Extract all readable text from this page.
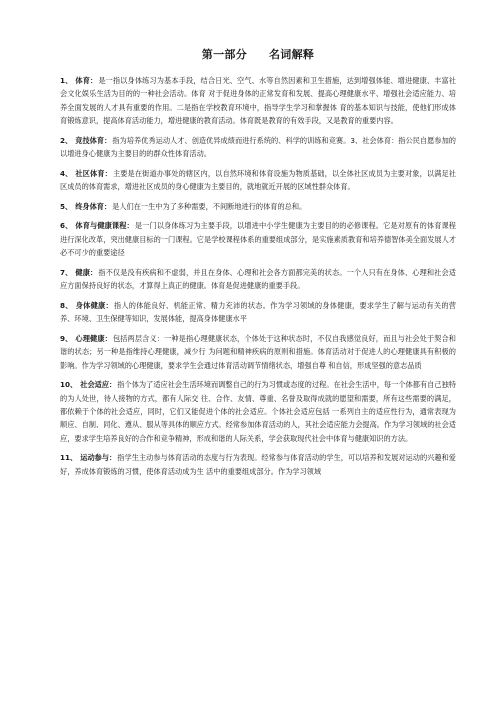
第一部分 名词解释

1、 体育：是一指以身体练习为基本手段，结合日光、空气、水等自然因素和卫生措施，达到增强体能、增进健康、丰富社会文化娱乐生活为目的的一种社会活动。体育 对于促进身体的正常发育和发展、提高心理健康水平、增强社会适应能力、培养全面发展的人才具有重要的作用。二是指在学校教育环境中，指导学生学习和掌握体 育的基本知识与技能，使他们形成体育锻炼意识，提高体育活动能力，增进健康的教育活动。体育既是教育的有效手段，又是教育的重要内容。

2、 竞技体育：指为培养优秀运动人才、创造优异成绩而进行系统的、科学的训练和竞赛。3、社会体育：指公民自愿参加的以增进身心健康为主要目的的群众性体育活动。

4、 社区体育：主要是在街道办事处的辖区内，以自然环境和体育设施为物质基础，以全体社区成员为主要对象，以满足社区成员的体育需求，增进社区成员的身心健康为主要目的，就地就近开展的区域性群众体育。

5、 终身体育：是人们在一生中为了多种需要，不间断地进行的体育的总和。

6、 体育与健康课程：是一门以身体练习为主要手段，以增进中小学生健康为主要目的的必修课程。它是对原有的体育课程进行深化改革，突出健康目标的一门课程。它是学校课程体系的重要组成部分，是实施素质教育和培养德智体美全面发展人才必不可少的重要途径

7、 健康：指不仅是没有疾病和不虚弱，并且在身体、心理和社会各方面都完美的状态。一个人只有在身体、心理和社会适应方面保持良好的状态，才算得上真正的健康。体育是促进健康的重要手段。

8、 身体健康：指人的体能良好、机能正常、精力充沛的状态。作为学习领域的身体健康，要求学生了解与运动有关的营养、环境、卫生保健等知识，发展体能，提高身体健康水平

9、 心理健康：包括两层含义：一种是指心理健康状态，个体处于这种状态时，不仅自我感觉良好，而且与社会处于契合和谐的状态；另一种是指维持心理健康，减少行 为问题和精神疾病的原则和措施。体育活动对于促进人的心理健康具有积极的影响。作为学习领域的心理健康，要求学生会通过体育活动调节情绪状态，增强自尊 和自信，形成坚强的意志品质

10、 社会适应：指个体为了适应社会生活环境而调整自己的行为习惯或态度的过程。在社会生活中，每一个体都有自己独特的为人处世，待人接物的方式，都有人际交 往、合作、友情、尊重、名誉及取得成就的愿望和需要，所有这些需要的满足，都依赖于个体的社会适应，同时，它们又能促进个体的社会适应。个体社会适应包括 一系列自主的适应性行为，通常表现为顺应、自制、同化、遵从、服从等具体的顺应方式。经常参加体育活动的人，其社会适应能力会提高。作为学习领域的社会适 应，要求学生培养良好的合作和竞争精神，形成和谐的人际关系，学会获取现代社会中体育与健康知识的方法。

11、 运动参与：指学生主动参与体育活动的态度与行为表现。经常参与体育活动的学生，可以培养和发展对运动的兴趣和爱好，养成体育锻炼的习惯，使体育活动成为生 活中的重要组成部分。作为学习领域
